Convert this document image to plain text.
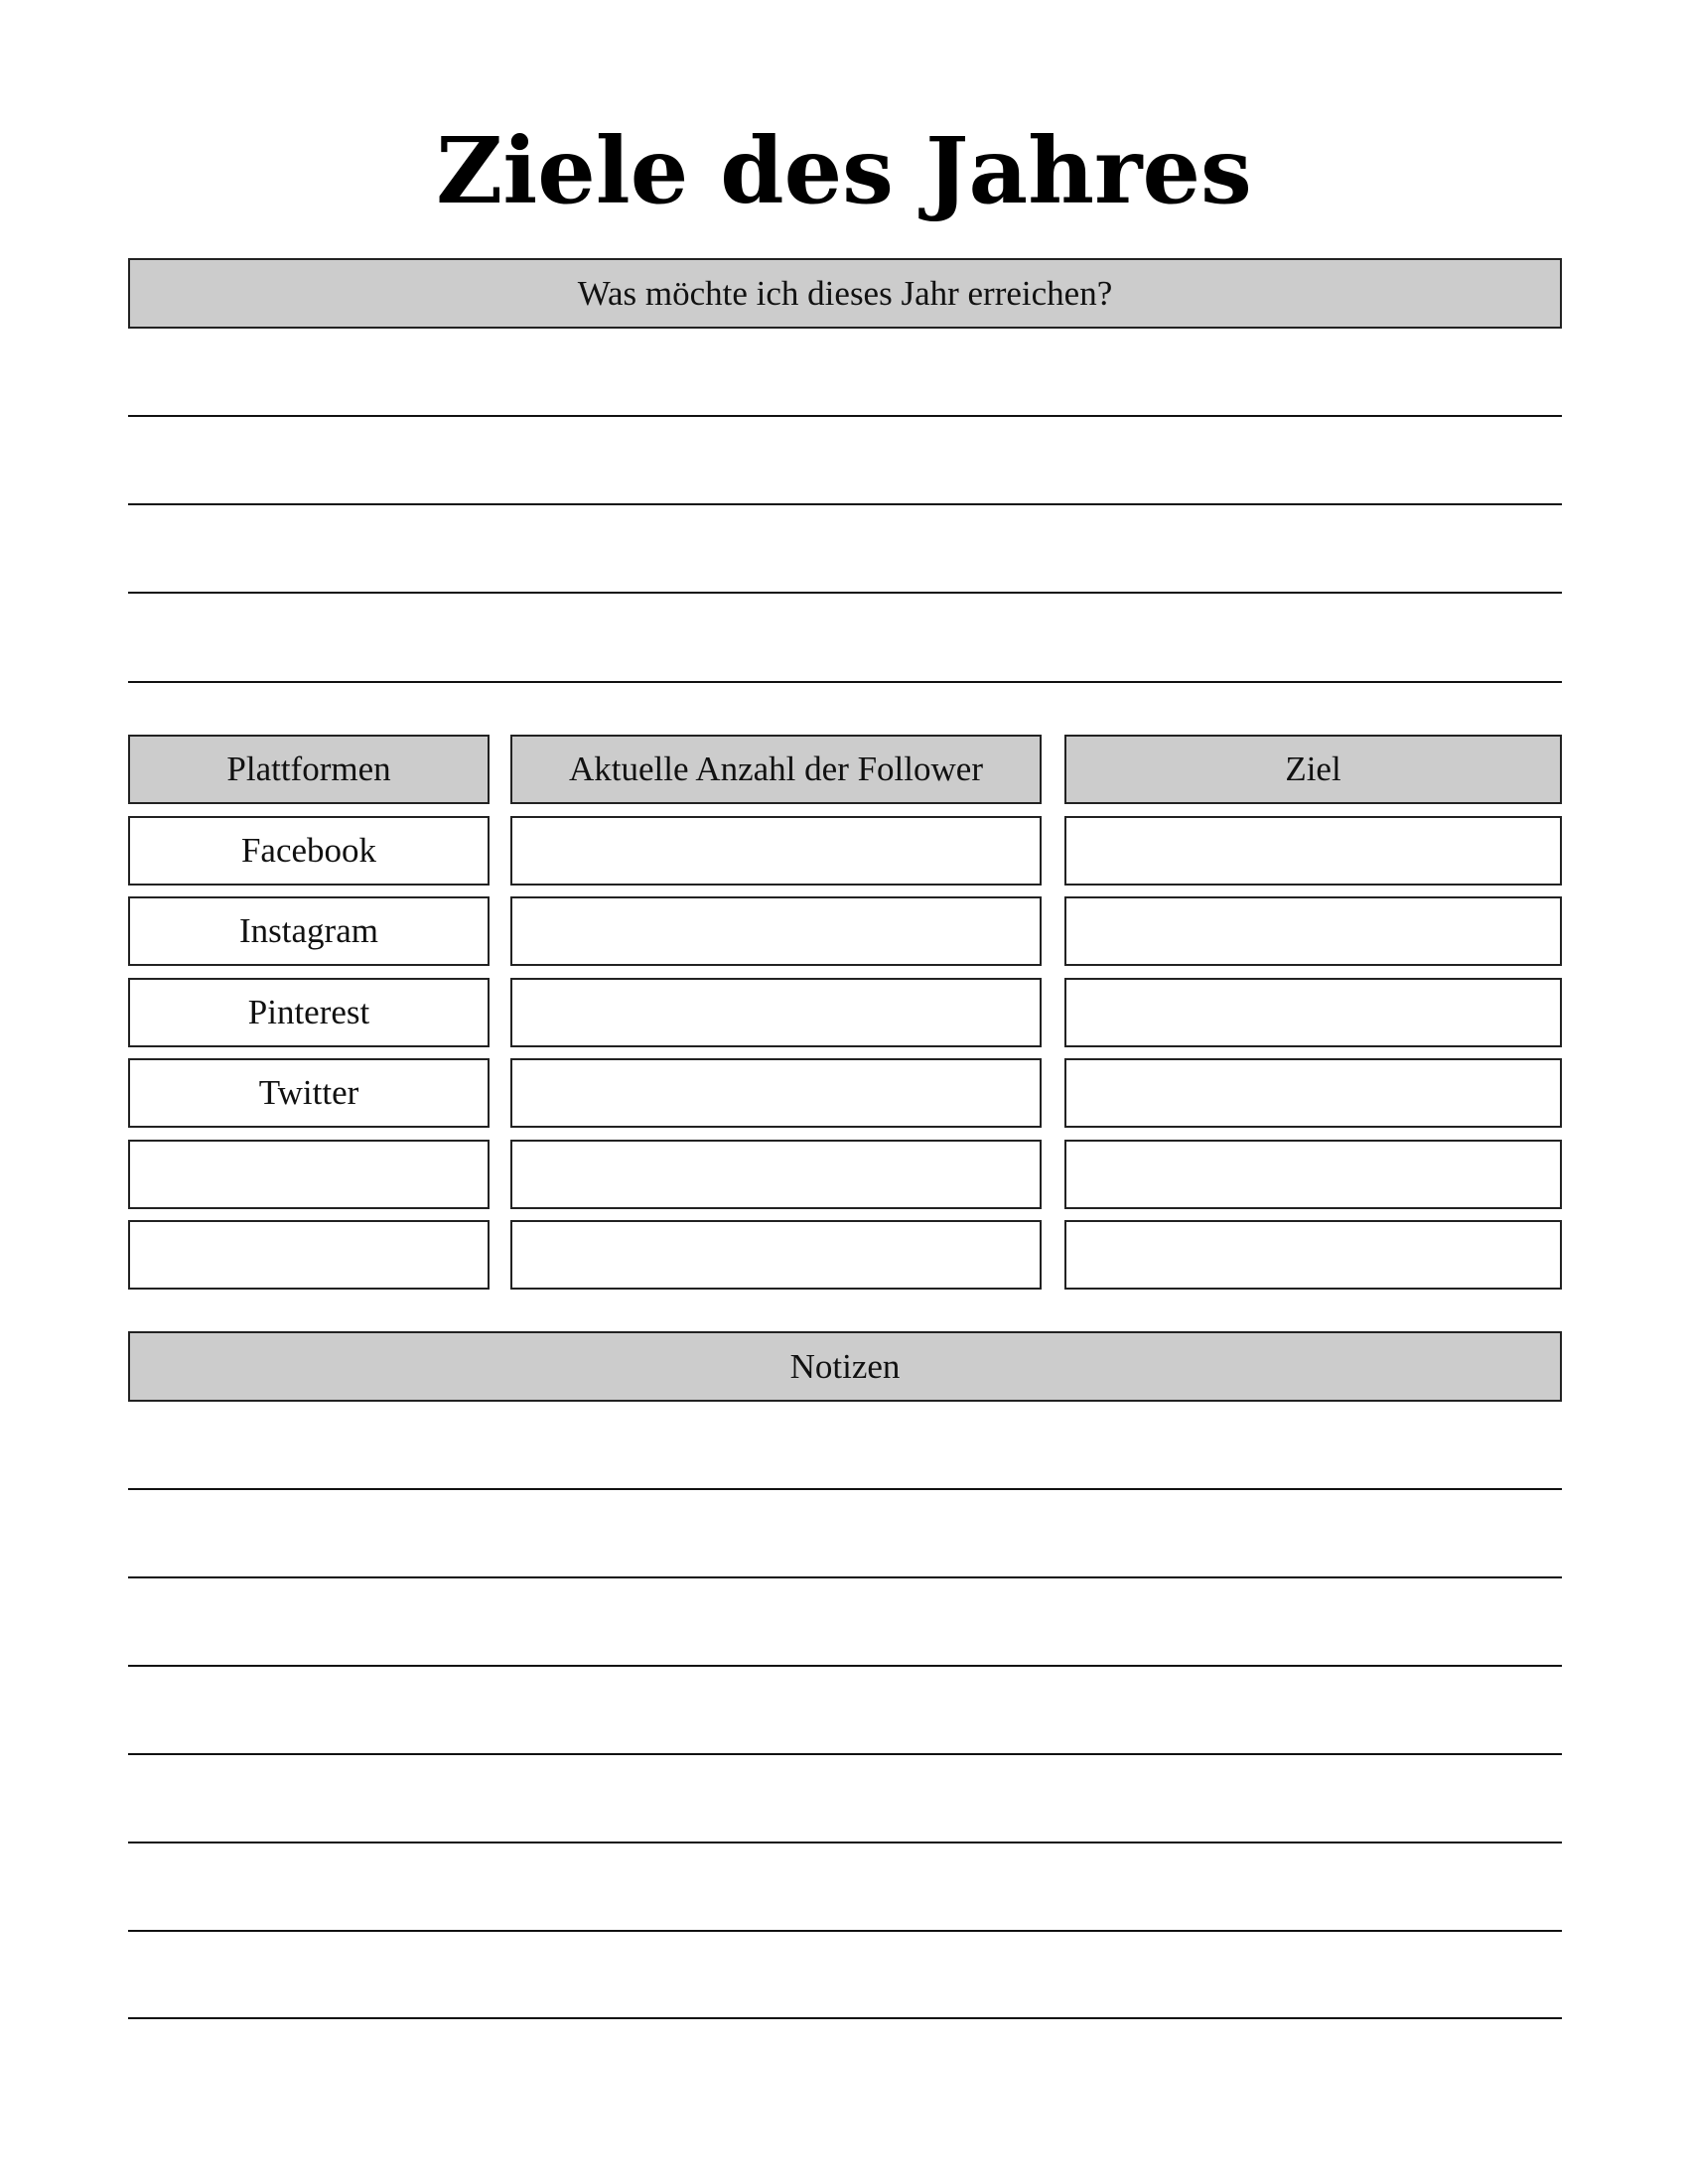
Ziele des Jahres
Was möchte ich dieses Jahr erreichen?
Plattformen
Facebook
Instagram
Pinterest
Twitter
Aktuelle Anzahl der Follower	Ziel
Notizen
